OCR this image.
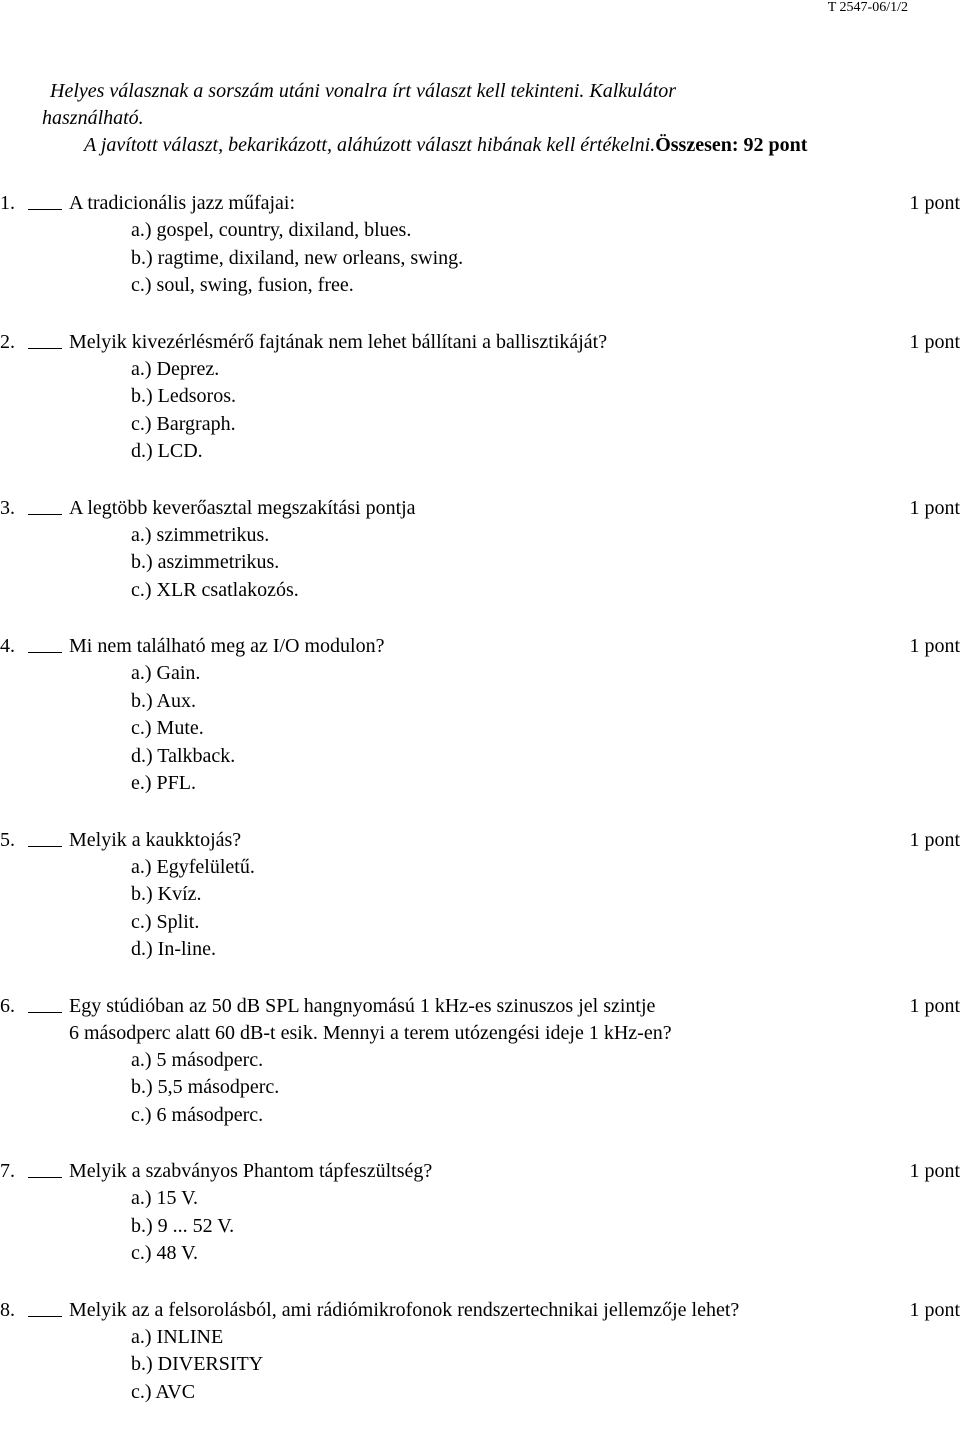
T 2547-06/1/2
Helyes válasznak a sorszám utáni vonalra írt választ kell tekinteni. Kalkulátor
használható.
A javított választ, bekarikázott, aláhúzott választ hibának kell értékelni.Összesen: 92 pont
1.	A tradicionális jazz műfajai:	1 pont
a.) gospel, country, dixiland, blues.
b.) ragtime, dixiland, new orleans, swing.
c.) soul, swing, fusion, free.
2.	Melyik kivezérlésmérő fajtának nem lehet bállítani a ballisztikáját?	1 pont
a.) Deprez.
b.) Ledsoros.
c.) Bargraph.
d.) LCD.
3.	A legtöbb keverőasztal megszakítási pontja	1 pont
a.) szimmetrikus.
b.) aszimmetrikus.
c.) XLR csatlakozós.
4.	Mi nem található meg az I/O modulon?	1 pont
a.) Gain.
b.) Aux.
c.) Mute.
d.) Talkback.
e.) PFL.
5.	Melyik a kaukktojás?	1 pont
a.) Egyfelületű.
b.) Kvíz.
c.) Split.
d.) In-line.
6.	Egy stúdióban az 50 dB SPL hangnyomású 1 kHz-es szinuszos jel szintje	1 pont
6 másodperc alatt 60 dB-t esik. Mennyi a terem utózengési ideje 1 kHz-en?
a.) 5 másodperc.
b.) 5,5 másodperc.
c.) 6 másodperc.
7.	Melyik a szabványos Phantom tápfeszültség?	1 pont
a.) 15 V.
b.) 9 ... 52 V.
c.) 48 V.
8.	Melyik az a felsorolásból, ami rádiómikrofonok rendszertechnikai jellemzője lehet?	1 pont
a.) INLINE
b.) DIVERSITY
c.) AVC
